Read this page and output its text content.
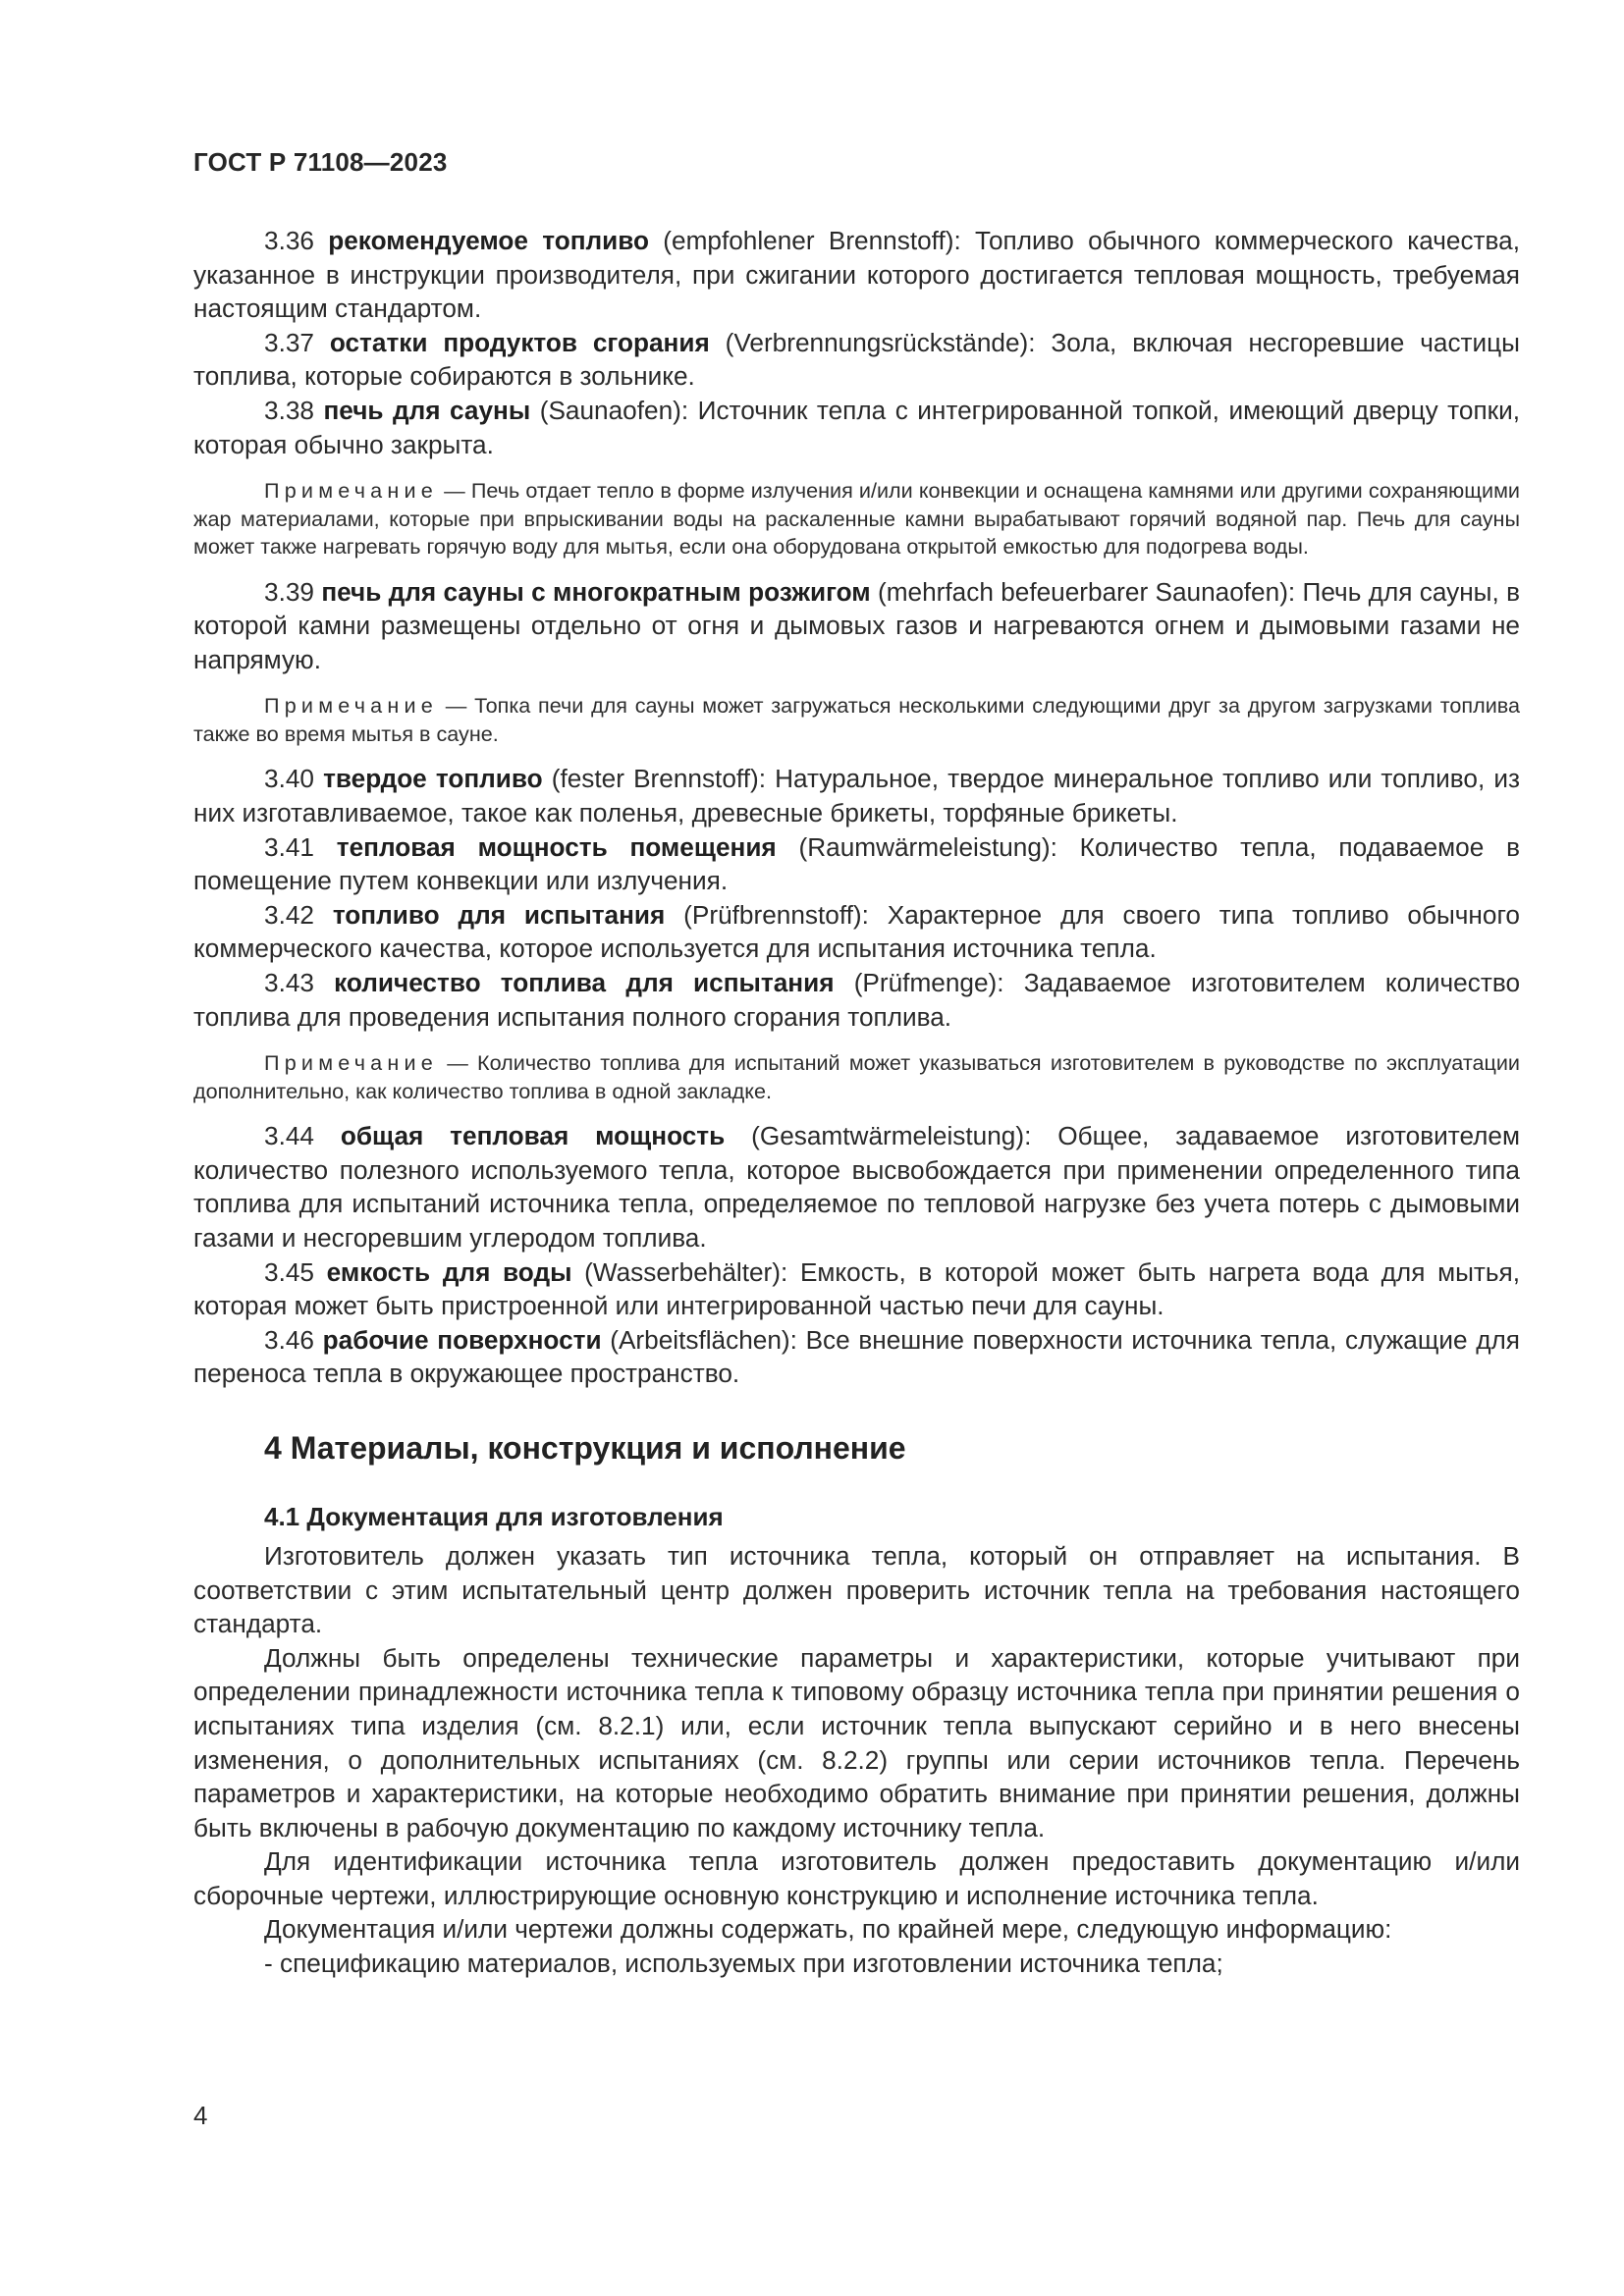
ГОСТ Р 71108—2023

3.36 рекомендуемое топливо (empfohlener Brennstoff): Топливо обычного коммерческого качества, указанное в инструкции производителя, при сжигании которого достигается тепловая мощность, требуемая настоящим стандартом.

3.37 остатки продуктов сгорания (Verbrennungsrückstände): Зола, включая несгоревшие частицы топлива, которые собираются в зольнике.

3.38 печь для сауны (Saunaofen): Источник тепла с интегрированной топкой, имеющий дверцу топки, которая обычно закрыта.

Примечание — Печь отдает тепло в форме излучения и/или конвекции и оснащена камнями или другими сохраняющими жар материалами, которые при впрыскивании воды на раскаленные камни вырабатывают горячий водяной пар. Печь для сауны может также нагревать горячую воду для мытья, если она оборудована открытой емкостью для подогрева воды.

3.39 печь для сауны с многократным розжигом (mehrfach befeuerbarer Saunaofen): Печь для сауны, в которой камни размещены отдельно от огня и дымовых газов и нагреваются огнем и дымовыми газами не напрямую.

Примечание — Топка печи для сауны может загружаться несколькими следующими друг за другом загрузками топлива также во время мытья в сауне.

3.40 твердое топливо (fester Brennstoff): Натуральное, твердое минеральное топливо или топливо, из них изготавливаемое, такое как поленья, древесные брикеты, торфяные брикеты.

3.41 тепловая мощность помещения (Raumwärmeleistung): Количество тепла, подаваемое в помещение путем конвекции или излучения.

3.42 топливо для испытания (Prüfbrennstoff): Характерное для своего типа топливо обычного коммерческого качества, которое используется для испытания источника тепла.

3.43 количество топлива для испытания (Prüfmenge): Задаваемое изготовителем количество топлива для проведения испытания полного сгорания топлива.

Примечание — Количество топлива для испытаний может указываться изготовителем в руководстве по эксплуатации дополнительно, как количество топлива в одной закладке.

3.44 общая тепловая мощность (Gesamtwärmeleistung): Общее, задаваемое изготовителем количество полезного используемого тепла, которое высвобождается при применении определенного типа топлива для испытаний источника тепла, определяемое по тепловой нагрузке без учета потерь с дымовыми газами и несгоревшим углеродом топлива.

3.45 емкость для воды (Wasserbehälter): Емкость, в которой может быть нагрета вода для мытья, которая может быть пристроенной или интегрированной частью печи для сауны.

3.46 рабочие поверхности (Arbeitsflächen): Все внешние поверхности источника тепла, служащие для переноса тепла в окружающее пространство.

4 Материалы, конструкция и исполнение
4.1 Документация для изготовления

Изготовитель должен указать тип источника тепла, который он отправляет на испытания. В соответствии с этим испытательный центр должен проверить источник тепла на требования настоящего стандарта.

Должны быть определены технические параметры и характеристики, которые учитывают при определении принадлежности источника тепла к типовому образцу источника тепла при принятии решения о испытаниях типа изделия (см. 8.2.1) или, если источник тепла выпускают серийно и в него внесены изменения, о дополнительных испытаниях (см. 8.2.2) группы или серии источников тепла. Перечень параметров и характеристики, на которые необходимо обратить внимание при принятии решения, должны быть включены в рабочую документацию по каждому источнику тепла.

Для идентификации источника тепла изготовитель должен предоставить документацию и/или сборочные чертежи, иллюстрирующие основную конструкцию и исполнение источника тепла.

Документация и/или чертежи должны содержать, по крайней мере, следующую информацию:

- спецификацию материалов, используемых при изготовлении источника тепла;

4
